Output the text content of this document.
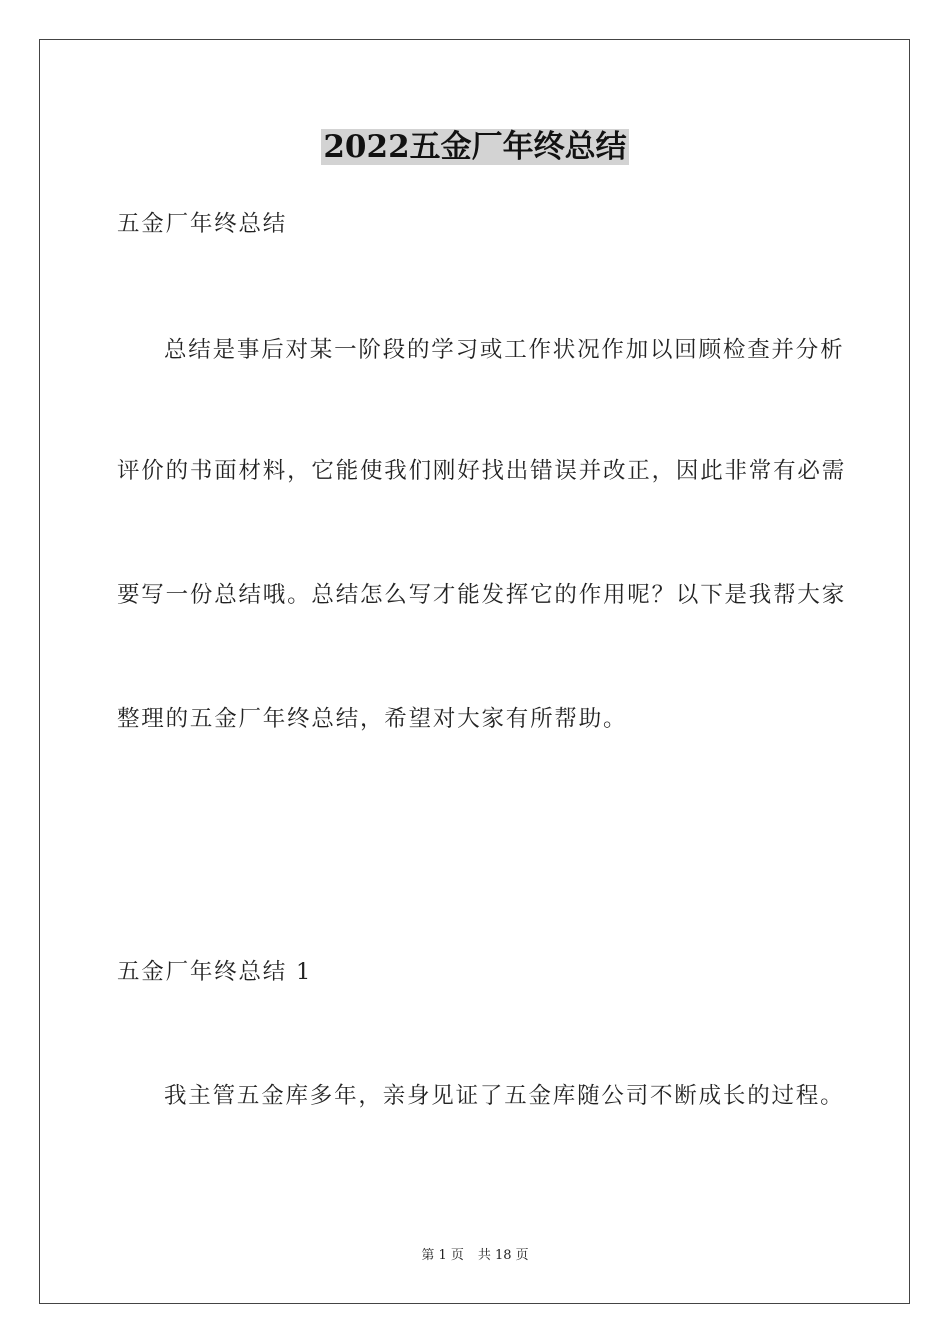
2022五金厂年终总结
五金厂年终总结
总结是事后对某一阶段的学习或工作状况作加以回顾检查并分析
评价的书面材料，它能使我们刚好找出错误并改正，因此非常有必需
要写一份总结哦。总结怎么写才能发挥它的作用呢？以下是我帮大家
整理的五金厂年终总结，希望对大家有所帮助。
五金厂年终总结 1
我主管五金库多年，亲身见证了五金库随公司不断成长的过程。
第 1 页 共 18 页
